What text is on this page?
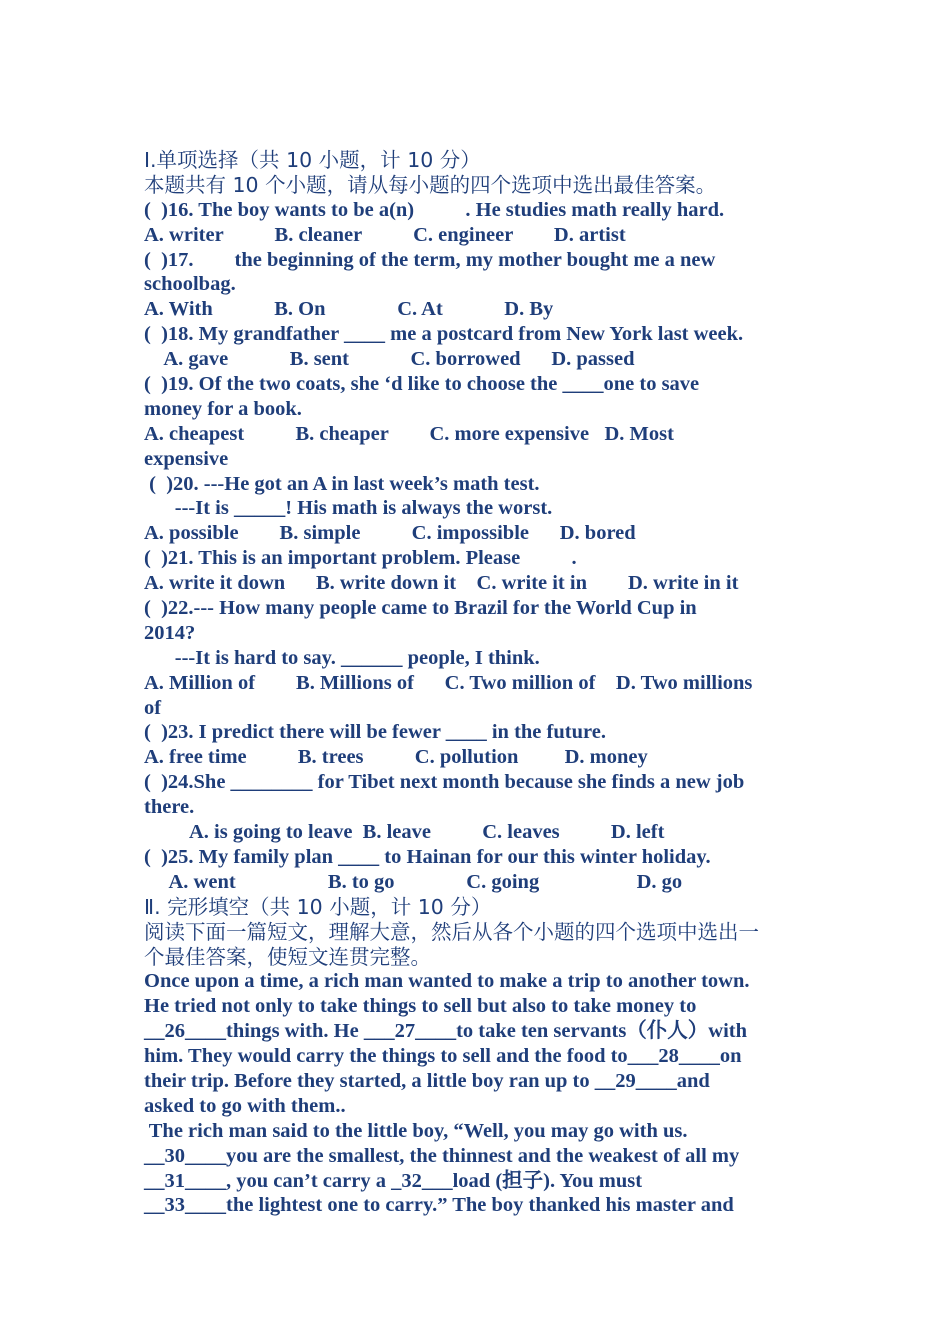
Ⅰ.单项选择（共 10 小题，计 10 分）
本题共有 10 个小题，请从每小题的四个选项中选出最佳答案。
(  )16. The boy wants to be a(n)          . He studies math really hard.
A. writer          B. cleaner          C. engineer        D. artist
(  )17.        the beginning of the term, my mother bought me a new
schoolbag.
A. With            B. On              C. At            D. By
(  )18. My grandfather ____ me a postcard from New York last week.
A. gave            B. sent            C. borrowed      D. passed
(  )19. Of the two coats, she ‘d like to choose the ____one to save
money for a book.
A. cheapest          B. cheaper        C. more expensive   D. Most
expensive
(  )20. ---He got an A in last week’s math test.
---It is _____! His math is always the worst.
A. possible        B. simple          C. impossible      D. bored
(  )21. This is an important problem. Please          .
A. write it down      B. write down it    C. write it in        D. write in it
(  )22.--- How many people came to Brazil for the World Cup in
2014?
---It is hard to say. ______ people, I think.
A. Million of        B. Millions of      C. Two million of    D. Two millions
of
(  )23. I predict there will be fewer ____ in the future.
A. free time          B. trees          C. pollution         D. money
(  )24.She ________ for Tibet next month because she finds a new job
there.
A. is going to leave  B. leave          C. leaves          D. left
(  )25. My family plan ____ to Hainan for our this winter holiday.
A. went                  B. to go              C. going                   D. go
Ⅱ. 完形填空（共 10 小题，计 10 分）
阅读下面一篇短文，理解大意，然后从各个小题的四个选项中选出一
个最佳答案，使短文连贯完整。
Once upon a time, a rich man wanted to make a trip to another town.
He tried not only to take things to sell but also to take money to
__26____things with. He ___27____to take ten servants（仆人）with
him. They would carry the things to sell and the food to___28____on
their trip. Before they started, a little boy ran up to __29____and
asked to go with them..
The rich man said to the little boy, “Well, you may go with us.
__30____you are the smallest, the thinnest and the weakest of all my
__31____, you can’t carry a _32___load (担子). You must
__33____the lightest one to carry.” The boy thanked his master and
